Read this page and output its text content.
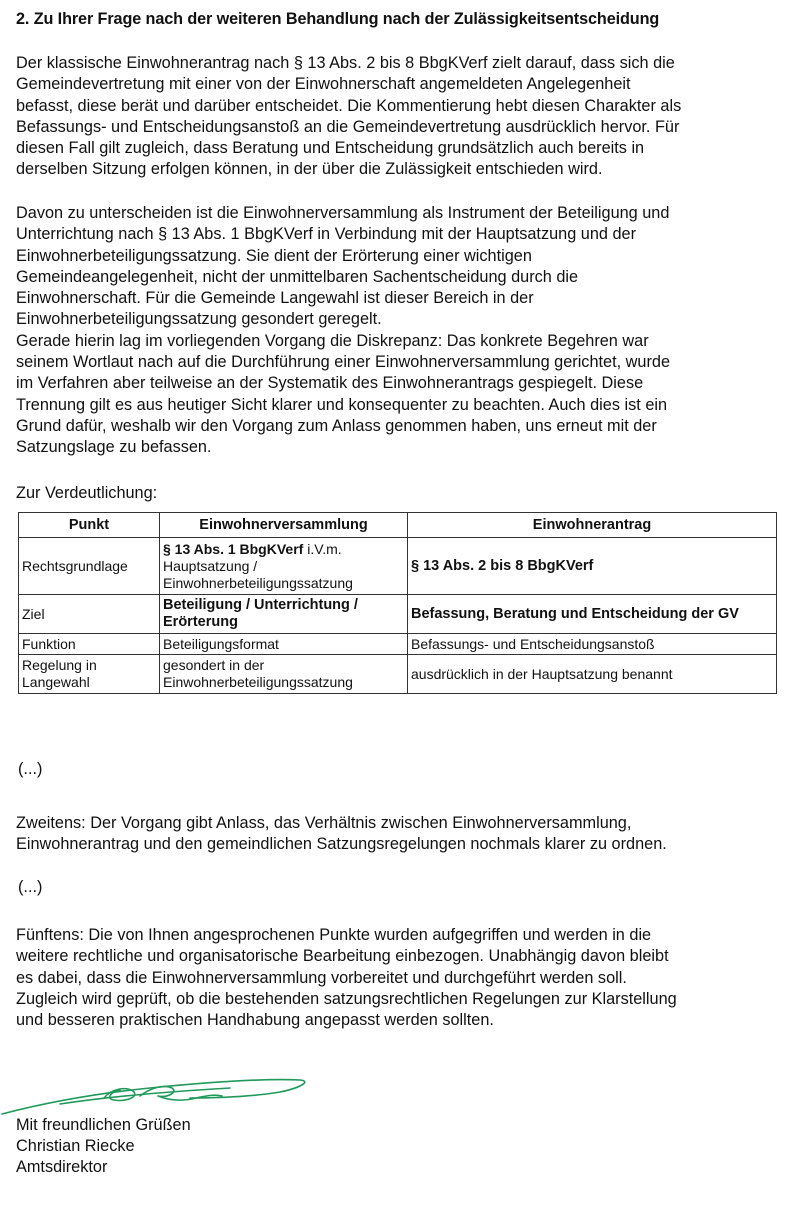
2. Zu Ihrer Frage nach der weiteren Behandlung nach der Zulässigkeitsentscheidung
Der klassische Einwohnerantrag nach § 13 Abs. 2 bis 8 BbgKVerf zielt darauf, dass sich die
Gemeindevertretung mit einer von der Einwohnerschaft angemeldeten Angelegenheit
befasst, diese berät und darüber entscheidet. Die Kommentierung hebt diesen Charakter als
Befassungs- und Entscheidungsanstoß an die Gemeindevertretung ausdrücklich hervor. Für
diesen Fall gilt zugleich, dass Beratung und Entscheidung grundsätzlich auch bereits in
derselben Sitzung erfolgen können, in der über die Zulässigkeit entschieden wird.
Davon zu unterscheiden ist die Einwohnerversammlung als Instrument der Beteiligung und
Unterrichtung nach § 13 Abs. 1 BbgKVerf in Verbindung mit der Hauptsatzung und der
Einwohnerbeteiligungssatzung. Sie dient der Erörterung einer wichtigen
Gemeindeangelegenheit, nicht der unmittelbaren Sachentscheidung durch die
Einwohnerschaft. Für die Gemeinde Langewahl ist dieser Bereich in der
Einwohnerbeteiligungssatzung gesondert geregelt.
Gerade hierin lag im vorliegenden Vorgang die Diskrepanz: Das konkrete Begehren war
seinem Wortlaut nach auf die Durchführung einer Einwohnerversammlung gerichtet, wurde
im Verfahren aber teilweise an der Systematik des Einwohnerantrags gespiegelt. Diese
Trennung gilt es aus heutiger Sicht klarer und konsequenter zu beachten. Auch dies ist ein
Grund dafür, weshalb wir den Vorgang zum Anlass genommen haben, uns erneut mit der
Satzungslage zu befassen.
Zur Verdeutlichung:
Punkt	Einwohnerversammlung	Einwohnerantrag
Rechtsgrundlage	§ 13 Abs. 1 BbgKVerf i.V.m. Hauptsatzung / Einwohnerbeteiligungssatzung	§ 13 Abs. 2 bis 8 BbgKVerf
Ziel	Beteiligung / Unterrichtung / Erörterung	Befassung, Beratung und Entscheidung der GV
Funktion	Beteiligungsformat	Befassungs- und Entscheidungsanstoß
Regelung in Langewahl	gesondert in der Einwohnerbeteiligungssatzung	ausdrücklich in der Hauptsatzung benannt
(...)
Zweitens: Der Vorgang gibt Anlass, das Verhältnis zwischen Einwohnerversammlung,
Einwohnerantrag und den gemeindlichen Satzungsregelungen nochmals klarer zu ordnen.
(...)
Fünftens: Die von Ihnen angesprochenen Punkte wurden aufgegriffen und werden in die
weitere rechtliche und organisatorische Bearbeitung einbezogen. Unabhängig davon bleibt
es dabei, dass die Einwohnerversammlung vorbereitet und durchgeführt werden soll.
Zugleich wird geprüft, ob die bestehenden satzungsrechtlichen Regelungen zur Klarstellung
und besseren praktischen Handhabung angepasst werden sollten.
Mit freundlichen Grüßen
Christian Riecke
Amtsdirektor
